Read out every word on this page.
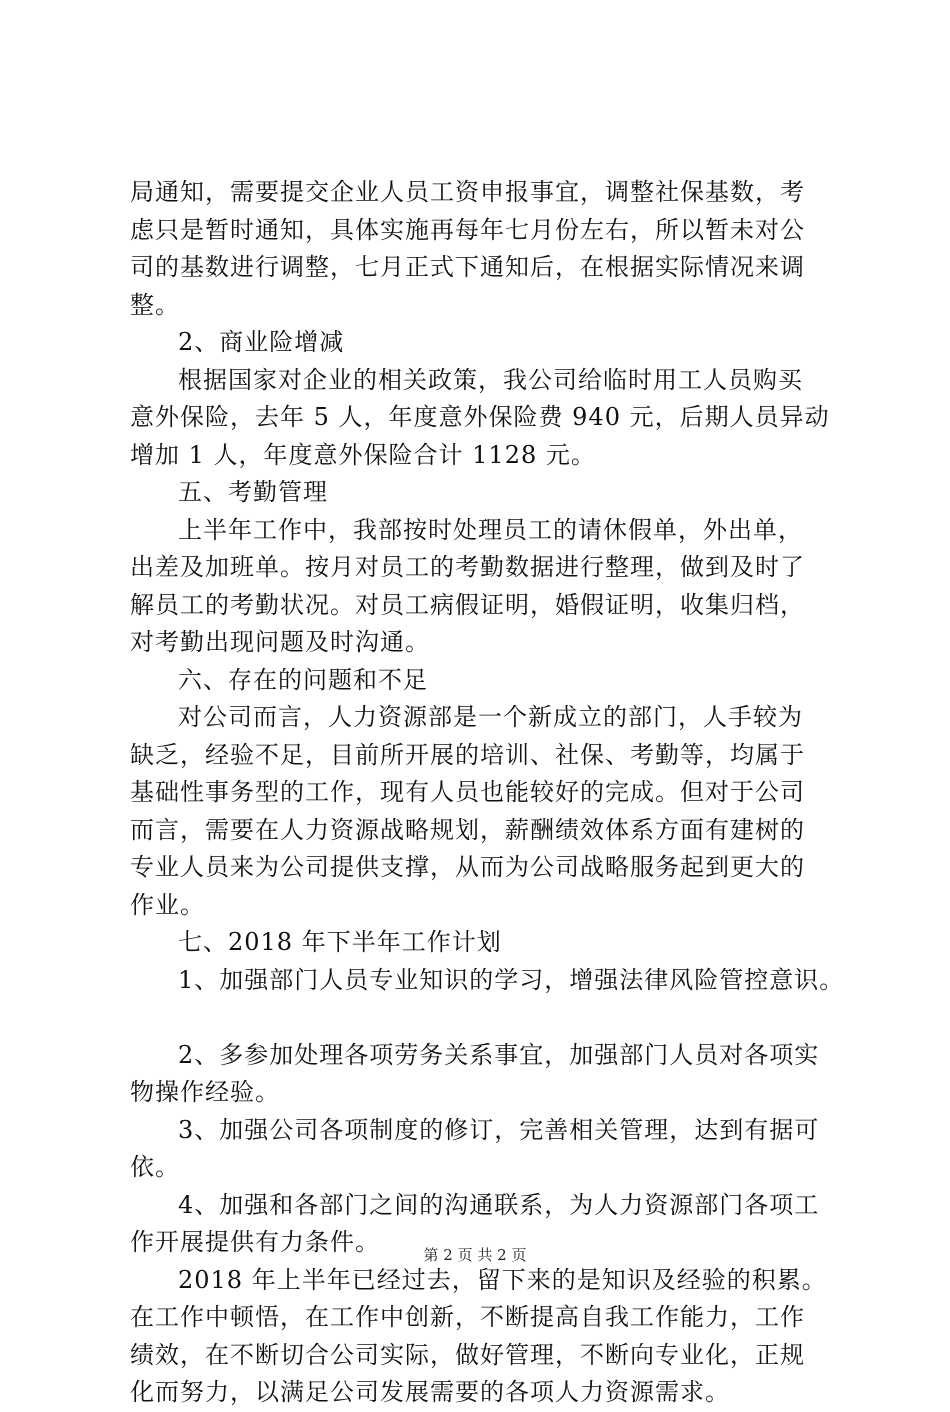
局通知，需要提交企业人员工资申报事宜，调整社保基数，考
虑只是暂时通知，具体实施再每年七月份左右，所以暂未对公
司的基数进行调整，七月正式下通知后，在根据实际情况来调
整。
2、商业险增减
根据国家对企业的相关政策，我公司给临时用工人员购买
意外保险，去年 5 人，年度意外保险费 940 元，后期人员异动
增加 1 人，年度意外保险合计 1128 元。
五、考勤管理
上半年工作中，我部按时处理员工的请休假单，外出单，
出差及加班单。按月对员工的考勤数据进行整理，做到及时了
解员工的考勤状况。对员工病假证明，婚假证明，收集归档，
对考勤出现问题及时沟通。
六、存在的问题和不足
对公司而言，人力资源部是一个新成立的部门，人手较为
缺乏，经验不足，目前所开展的培训、社保、考勤等，均属于
基础性事务型的工作，现有人员也能较好的完成。但对于公司
而言，需要在人力资源战略规划，薪酬绩效体系方面有建树的
专业人员来为公司提供支撑，从而为公司战略服务起到更大的
作业。
七、2018 年下半年工作计划
1、加强部门人员专业知识的学习，增强法律风险管控意识。
2、多参加处理各项劳务关系事宜，加强部门人员对各项实
物操作经验。
3、加强公司各项制度的修订，完善相关管理，达到有据可
依。
4、加强和各部门之间的沟通联系，为人力资源部门各项工
作开展提供有力条件。
2018 年上半年已经过去，留下来的是知识及经验的积累。
在工作中顿悟，在工作中创新，不断提高自我工作能力，工作
绩效，在不断切合公司实际，做好管理，不断向专业化，正规
化而努力，以满足公司发展需要的各项人力资源需求。
第 2 页 共 2 页
